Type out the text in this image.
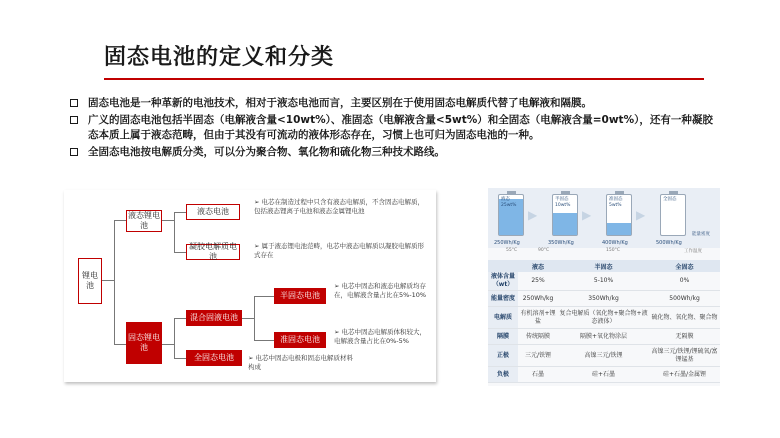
固态电池的定义和分类
固态电池是一种革新的电池技术，相对于液态电池而言，主要区别在于使用固态电解质代替了电解液和隔膜。
广义的固态电池包括半固态（电解液含量<10wt%）、准固态（电解液含量<5wt%）和全固态（电解液含量=0wt%），还有一种凝胶态本质上属于液态范畴，但由于其没有可流动的液体形态存在，习惯上也可归为固态电池的一种。
全固态电池按电解质分类，可以分为聚合物、氧化物和硫化物三种技术路线。
锂电池
液态锂电池
液态电池
凝胶电解质电池
固态锂电池
混合固液电池
全固态电池
半固态电池
准固态电池
➢ 电芯在制造过程中只含有液态电解质，不含固态电解质，包括液态锂离子电池和液态金属锂电池
➢ 属于液态锂电池范畴，电芯中液态电解质以凝胶电解质形式存在
➢ 电芯中固态和液态电解质均存在，电解液含量占比在5%-10%
➢ 电芯中固态电解质体积较大，电解液含量占比在0%-5%
➢ 电芯中固态电极和固态电解质材料构成
液态
25wt%
▶
半固态
10wt%
▶
准固态
5wt%
▶
全固态
能量密度
250Wh/Kg	350Wh/Kg	400Wh/Kg	500Wh/Kg
55°C	90°C	150°C	工作温度
	液态	半固态	全固态
液体含量（wt）	25%	5-10%	0%
能量密度	250Wh/kg	350Wh/kg	500Wh/kg
电解质	有机溶剂+锂盐	复合电解质（氧化物+聚合物+液态液体）	硫化物、氧化物、聚合物
隔膜	传统隔膜	隔膜+氧化物涂层	无隔膜
正极	三元/铁锂	高镍三元/铁锂	高镍三元/铁锂/锂硫氧/富锂锰基
负极	石墨	硅+石墨	硅+石墨/金属锂
